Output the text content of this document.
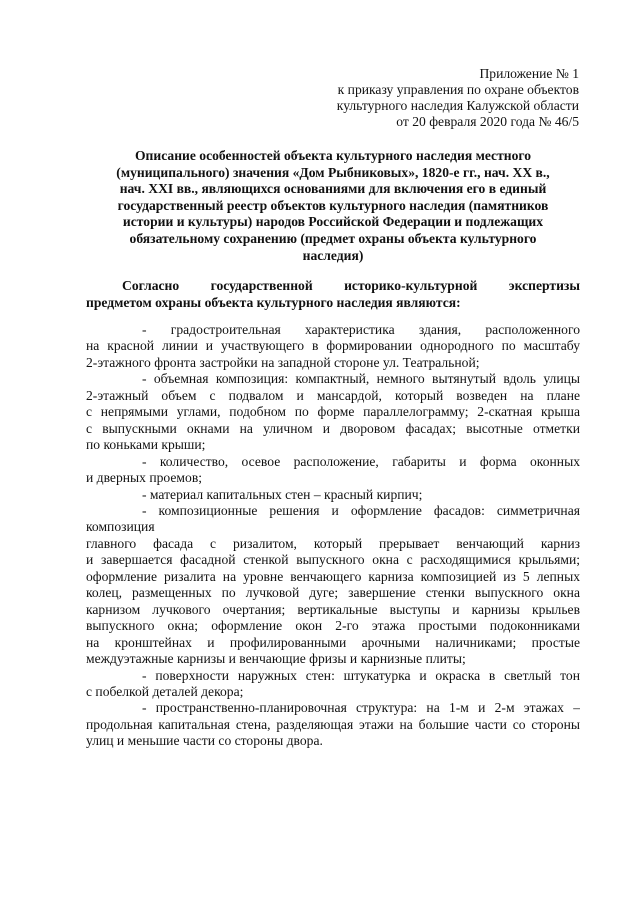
Приложение № 1
к приказу управления по охране объектов
культурного наследия Калужской области
от 20 февраля 2020 года № 46/5
Описание особенностей объекта культурного наследия местного
(муниципального) значения «Дом Рыбниковых», 1820-е гг., нач. XX в.,
нач. XXI вв., являющихся основаниями для включения его в единый
государственный реестр объектов культурного наследия (памятников
истории и культуры) народов Российской Федерации и подлежащих
обязательному сохранению (предмет охраны объекта культурного
наследия)
Согласно государственной историко-культурной экспертизы
предметом охраны объекта культурного наследия являются:
- градостроительная характеристика здания, расположенного
на красной линии и участвующего в формировании однородного по масштабу
2-этажного фронта застройки на западной стороне ул. Театральной;
- объемная композиция: компактный, немного вытянутый вдоль улицы
2-этажный объем с подвалом и мансардой, который возведен на плане
с непрямыми углами, подобном по форме параллелограмму; 2-скатная крыша
с выпускными окнами на уличном и дворовом фасадах; высотные отметки
по коньками крыши;
- количество, осевое расположение, габариты и форма оконных
и дверных проемов;
- материал капитальных стен – красный кирпич;
- композиционные решения и оформление фасадов: симметричная
композиция
главного фасада с ризалитом, который прерывает венчающий карниз
и завершается фасадной стенкой выпускного окна с расходящимися крыльями;
оформление ризалита на уровне венчающего карниза композицией из 5 лепных
колец, размещенных по лучковой дуге; завершение стенки выпускного окна
карнизом лучкового очертания; вертикальные выступы и карнизы крыльев
выпускного окна; оформление окон 2-го этажа простыми подоконниками
на кронштейнах и профилированными арочными наличниками; простые
междуэтажные карнизы и венчающие фризы и карнизные плиты;
- поверхности наружных стен: штукатурка и окраска в светлый тон
с побелкой деталей декора;
- пространственно-планировочная структура: на 1-м и 2-м этажах –
продольная капитальная стена, разделяющая этажи на большие части со стороны
улиц и меньшие части со стороны двора.
